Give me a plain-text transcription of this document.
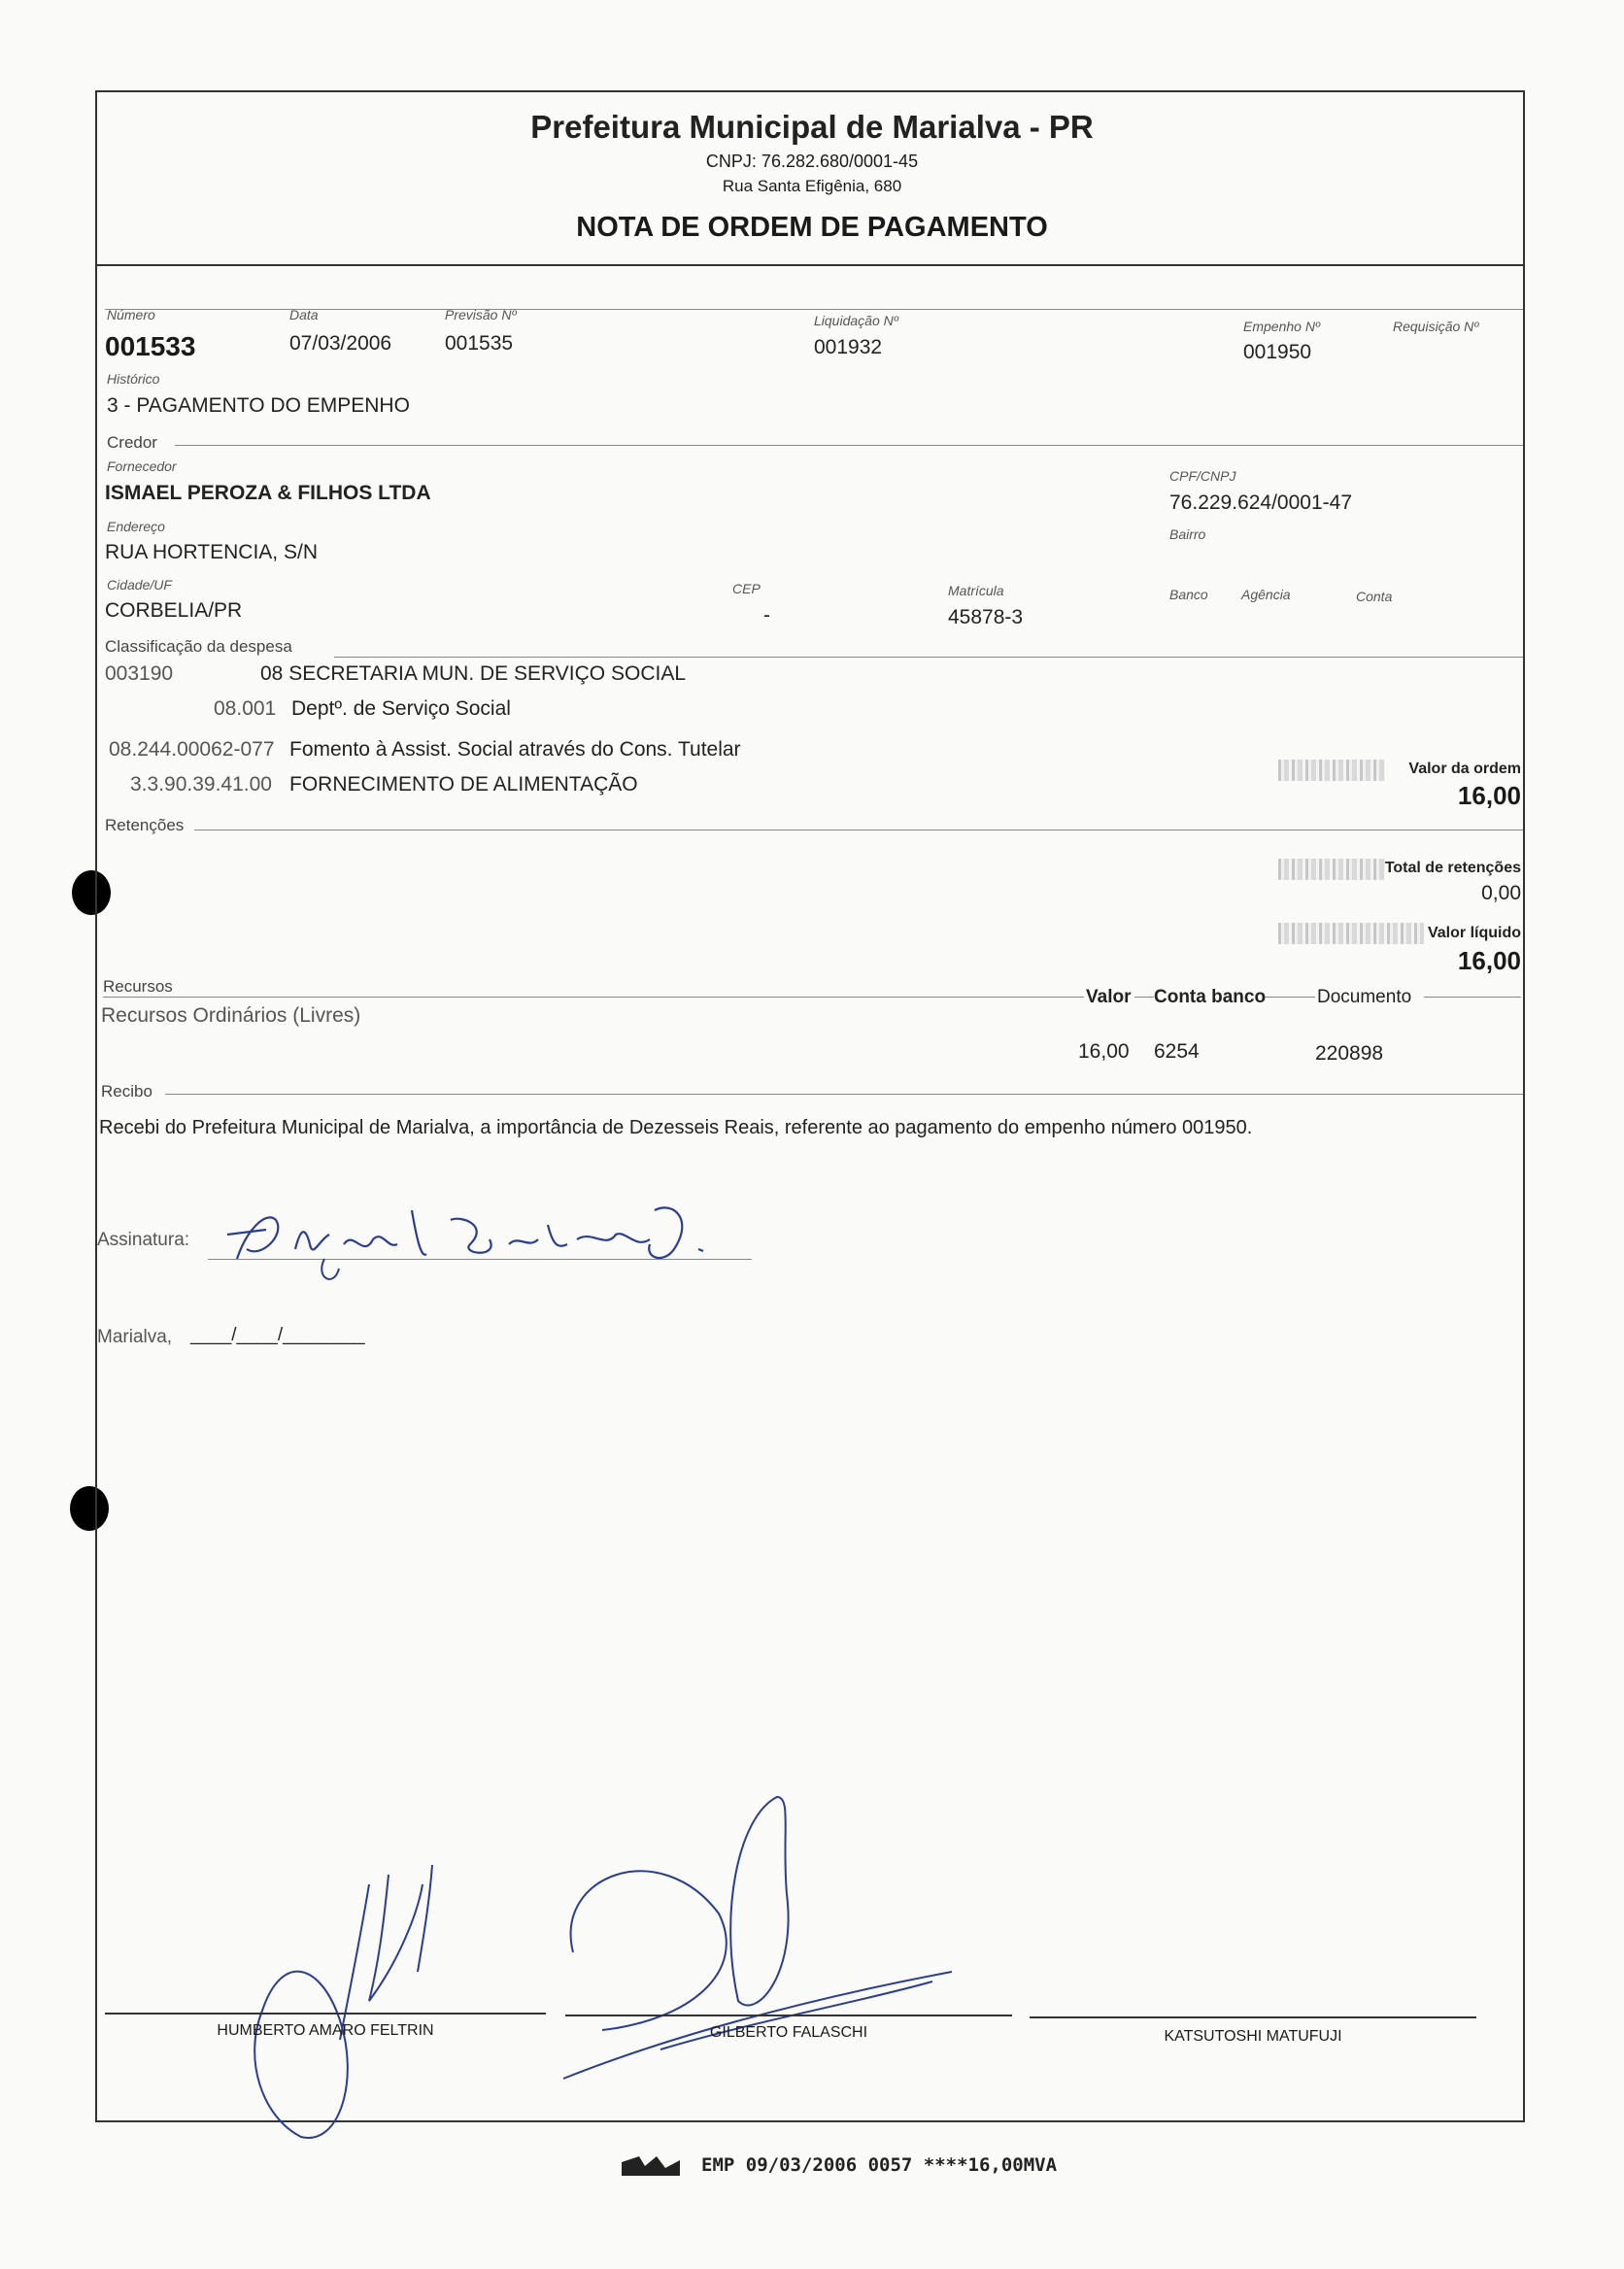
Prefeitura Municipal de Marialva - PR
CNPJ: 76.282.680/0001-45
Rua Santa Efigênia, 680
NOTA DE ORDEM DE PAGAMENTO
Número
001533
Data
07/03/2006
Previsão Nº
001535
Liquidação Nº
001932
Empenho Nº
001950
Requisição Nº
Histórico
3 - PAGAMENTO DO EMPENHO
Credor
Fornecedor
ISMAEL PEROZA & FILHOS LTDA
CPF/CNPJ
76.229.624/0001-47
Endereço
RUA HORTENCIA, S/N
Bairro
Cidade/UF
CORBELIA/PR
CEP
-
Matrícula
45878-3
Banco Agência	Conta
Classificação da despesa
003190	08 SECRETARIA MUN. DE SERVIÇO SOCIAL
08.001 Deptº. de Serviço Social
08.244.00062-077 Fomento à Assist. Social através do Cons. Tutelar
3.3.90.39.41.00 FORNECIMENTO DE ALIMENTAÇÃO
Valor da ordem
16,00
Retenções
Total de retenções
0,00
Valor líquido
16,00
Recursos
Valor Conta banco	Documento
Recursos Ordinários (Livres)
16,00 6254	220898
Recibo
Recebi do Prefeitura Municipal de Marialva, a importância de Dezesseis Reais, referente ao pagamento do empenho número 001950.
Assinatura:
Marialva, ____/____/________
HUMBERTO AMARO FELTRIN	GILBERTO FALASCHI	KATSUTOSHI MATUFUJI
EMP 09/03/2006 0057 ****16,00MVA
